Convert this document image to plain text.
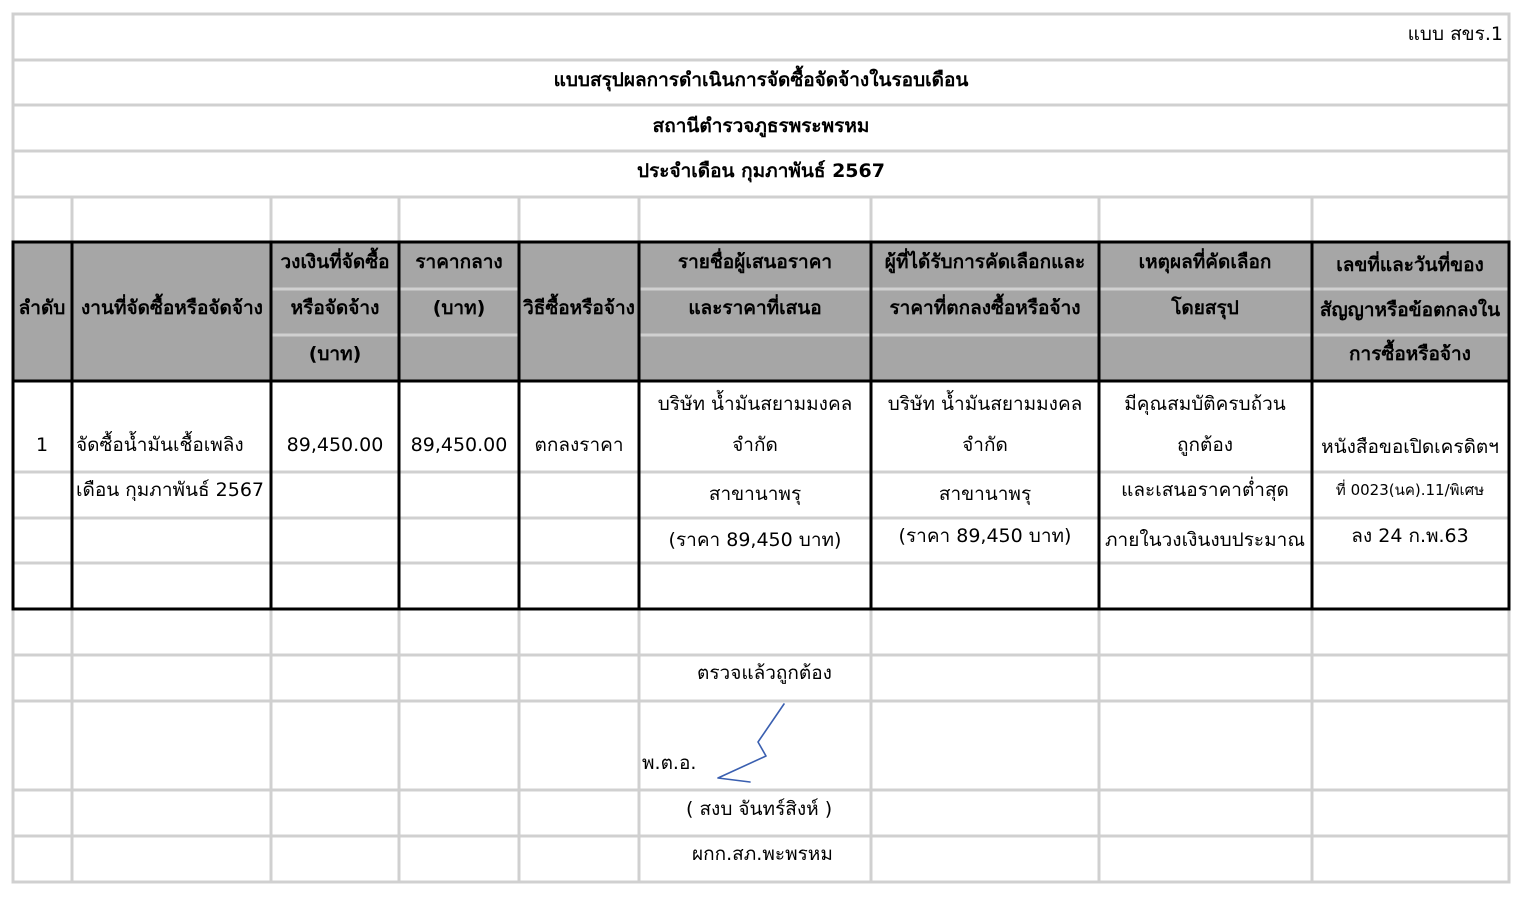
แบบ สขร.1
แบบสรุปผลการดำเนินการจัดซื้อจัดจ้างในรอบเดือน
สถานีตำรวจภูธรพระพรหม
ประจำเดือน กุมภาพันธ์ 2567
ลำดับ งานที่จัดซื้อหรือจัดจ้าง
วงเงินที่จัดซื้อ
หรือจัดจ้าง
(บาท)
ราคากลาง
(บาท) วิธีซื้อหรือจ้าง
รายชื่อผู้เสนอราคา
และราคาที่เสนอ
ผู้ที่ได้รับการคัดเลือกและ
ราคาที่ตกลงซื้อหรือจ้าง
เหตุผลที่คัดเลือก
โดยสรุป
เลขที่และวันที่ของ
สัญญาหรือข้อตกลงใน
การซื้อหรือจ้าง
1 จัดซื้อน้ำมันเชื้อเพลิง
เดือน กุมภาพันธ์ 2567
89,450.00 89,450.00 ตกลงราคา
บริษัท น้ำมันสยามมงคล
จำกัด
สาขานาพรุ
(ราคา 89,450 บาท)
บริษัท น้ำมันสยามมงคล
จำกัด
สาขานาพรุ
(ราคา 89,450 บาท)
มีคุณสมบัติครบถ้วน
ถูกต้อง
และเสนอราคาต่ำสุด
ภายในวงเงินงบประมาณ
หนังสือขอเปิดเครดิตฯ
ที่ 0023(นค).11/พิเศษ
ลง 24 ก.พ.63
ตรวจแล้วถูกต้อง
พ.ต.อ.
( สงบ จันทร์สิงห์ )
ผกก.สภ.พะพรหม
